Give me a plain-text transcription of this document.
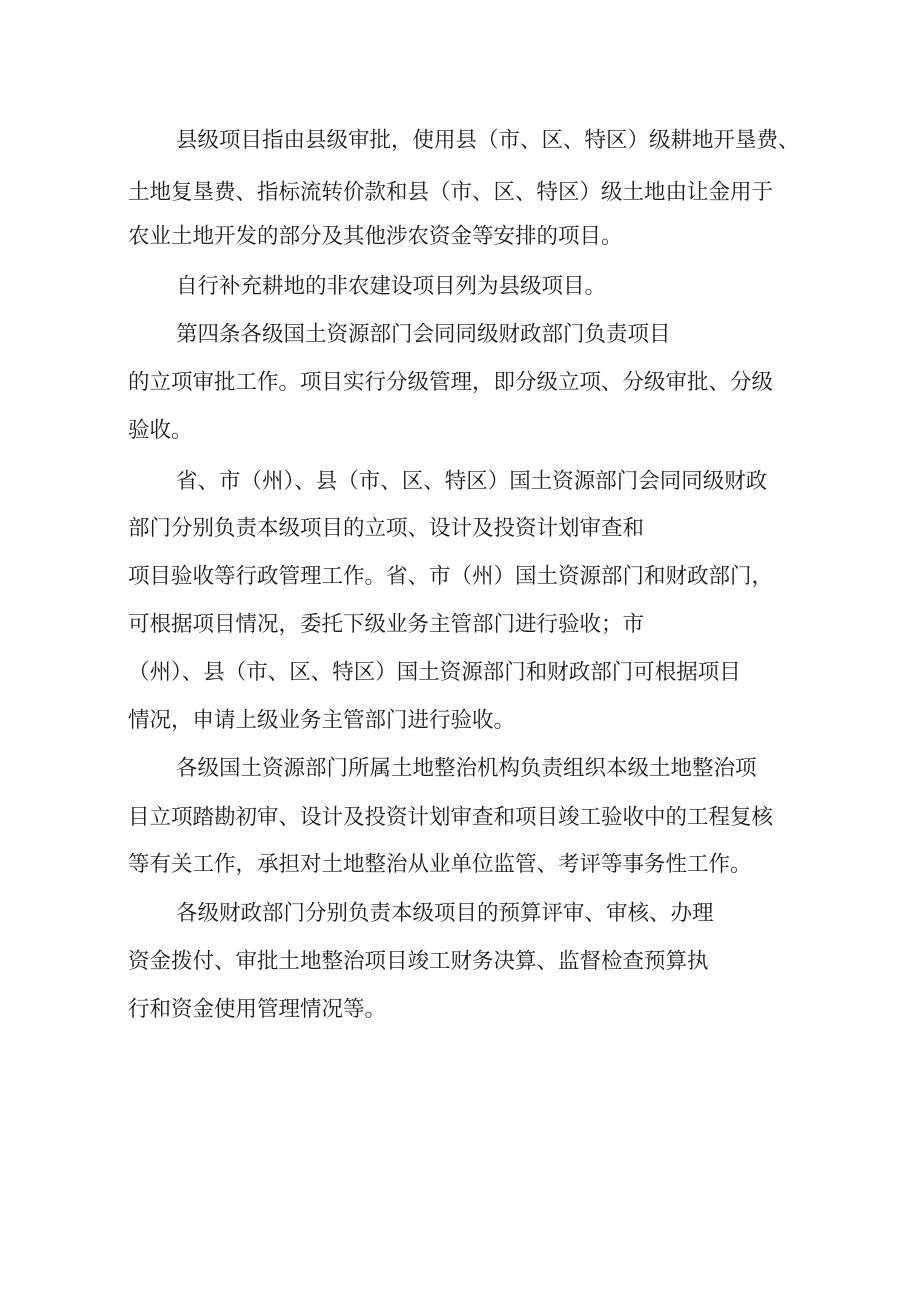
县级项目指由县级审批，使用县（市、区、特区）级耕地开垦费、
土地复垦费、指标流转价款和县（市、区、特区）级土地由让金用于
农业土地开发的部分及其他涉农资金等安排的项目。
自行补充耕地的非农建设项目列为县级项目。
第四条各级国土资源部门会同同级财政部门负责项目
的立项审批工作。项目实行分级管理，即分级立项、分级审批、分级
验收。
省、市（州）、县（市、区、特区）国土资源部门会同同级财政
部门分别负责本级项目的立项、设计及投资计划审查和
项目验收等行政管理工作。省、市（州）国土资源部门和财政部门，
可根据项目情况，委托下级业务主管部门进行验收；市
（州）、县（市、区、特区）国土资源部门和财政部门可根据项目
情况，申请上级业务主管部门进行验收。
各级国土资源部门所属土地整治机构负责组织本级土地整治项
目立项踏勘初审、设计及投资计划审查和项目竣工验收中的工程复核
等有关工作，承担对土地整治从业单位监管、考评等事务性工作。
各级财政部门分别负责本级项目的预算评审、审核、办理
资金拨付、审批土地整治项目竣工财务决算、监督检查预算执
行和资金使用管理情况等。
